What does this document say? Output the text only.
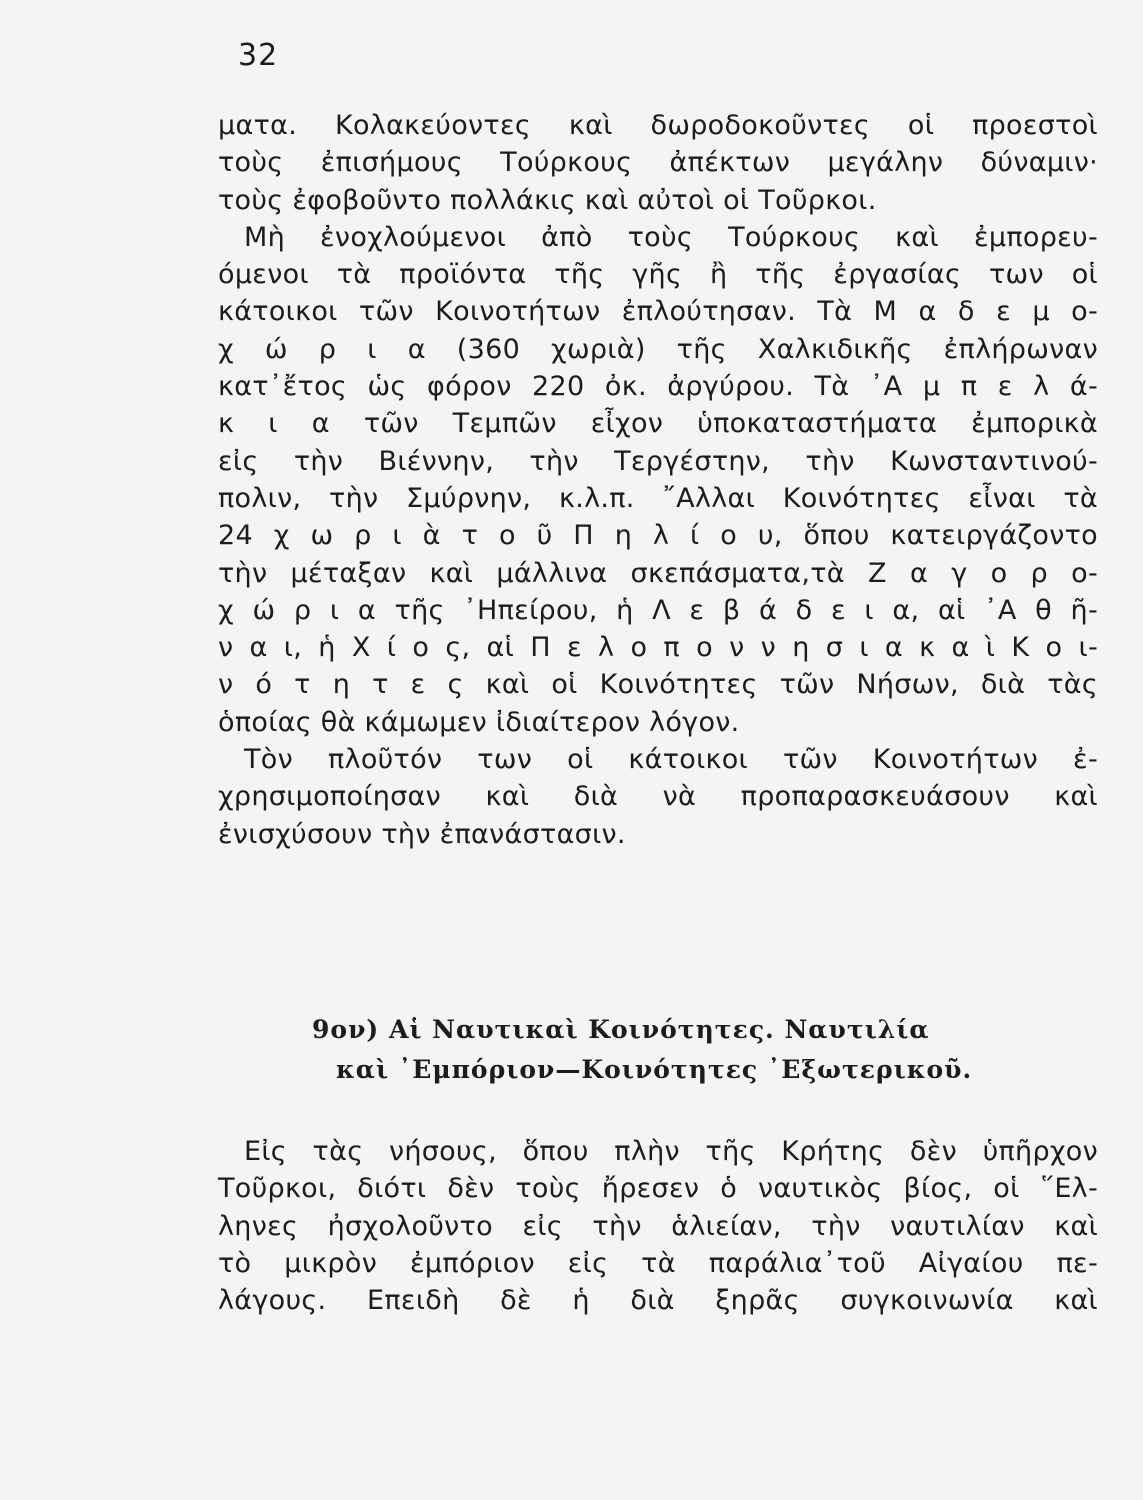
32
ματα. Κολακεύοντες καὶ δωροδοκοῦντες οἱ προεστοὶ
τοὺς ἐπισήμους Τούρκους ἀπέκτων μεγάλην δύναμιν·
τοὺς ἐφοβοῦντο πολλάκις καὶ αὐτοὶ οἱ Τοῦρκοι.
Μὴ ἐνοχλούμενοι ἀπὸ τοὺς Τούρκους καὶ ἐμπορευ-
όμενοι τὰ προϊόντα τῆς γῆς ἢ τῆς ἐργασίας των οἱ
κάτοικοι τῶν Κοινοτήτων ἐπλούτησαν. Τὰ Μ α δ ε μ ο-
χ ώ ρ ι α (360 χωριὰ) τῆς Χαλκιδικῆς ἐπλήρωναν
κατ᾽ἔτος ὡς φόρον 220 ὀκ. ἀργύρου. Τὰ ᾽Α μ π ε λ ά-
κ ι α τῶν Τεμπῶν εἶχον ὑποκαταστήματα ἐμπορικὰ
εἰς τὴν Βιέννην, τὴν Τεργέστην, τὴν Κωνσταντινού-
πολιν, τὴν Σμύρνην, κ.λ.π. ῎Αλλαι Κοινότητες εἶναι τὰ
24 χ ω ρ ι ὰ τ ο ῦ Π η λ ί ο υ, ὅπου κατειργάζοντο
τὴν μέταξαν καὶ μάλλινα σκεπάσματα,τὰ Ζ α γ ο ρ ο-
χ ώ ρ ι α τῆς ᾽Ηπείρου, ἡ Λ ε β ά δ ε ι α, αἱ ᾽Α θ ῆ-
ν α ι, ἡ Χ ί ο ς, αἱ Π ε λ ο π ο ν ν η σ ι α κ α ὶ Κ ο ι-
ν ό τ η τ ε ς καὶ οἱ Κοινότητες τῶν Νήσων, διὰ τὰς
ὁποίας θὰ κάμωμεν ἰδιαίτερον λόγον.
Τὸν πλοῦτόν των οἱ κάτοικοι τῶν Κοινοτήτων ἐ-
χρησιμοποίησαν καὶ διὰ νὰ προπαρασκευάσουν καὶ
ἐνισχύσουν τὴν ἐπανάστασιν.
9ον) Αἱ Ναυτικαὶ Κοινότητες. Ναυτιλία
καὶ ᾽Εμπόριον—Κοινότητες ᾽Εξωτερικοῦ.
Εἰς τὰς νήσους, ὅπου πλὴν τῆς Κρήτης δὲν ὑπῆρχον
Τοῦρκοι, διότι δὲν τοὺς ἤρεσεν ὁ ναυτικὸς βίος, οἱ ῞Ελ-
ληνες ἠσχολοῦντο εἰς τὴν ἁλιείαν, τὴν ναυτιλίαν καὶ
τὸ μικρὸν ἐμπόριον εἰς τὰ παράλια᾽τοῦ Αἰγαίου πε-
λάγους. Επειδὴ δὲ ἡ διὰ ξηρᾶς συγκοινωνία καὶ
